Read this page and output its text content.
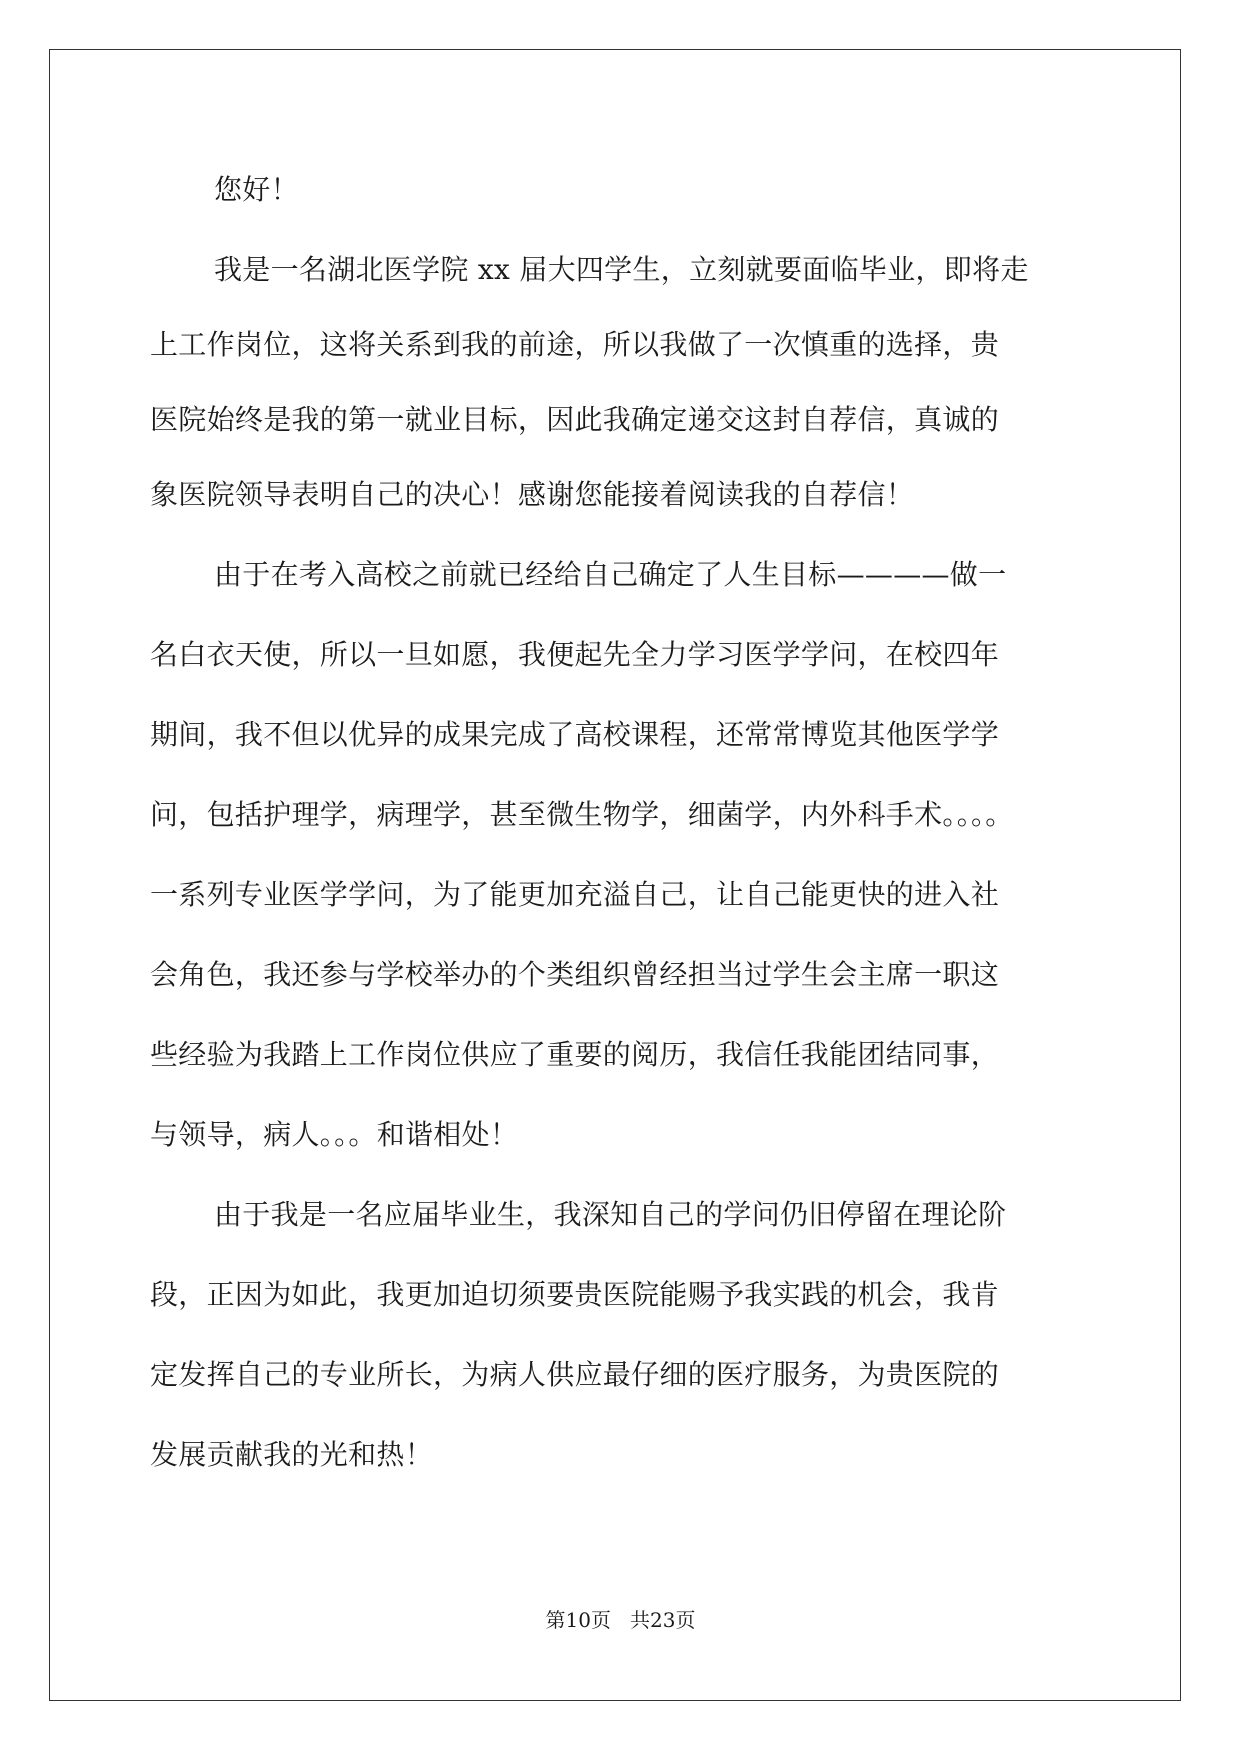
您好！
我是一名湖北医学院 xx 届大四学生，立刻就要面临毕业，即将走
上工作岗位，这将关系到我的前途，所以我做了一次慎重的选择，贵
医院始终是我的第一就业目标，因此我确定递交这封自荐信，真诚的
象医院领导表明自己的决心！感谢您能接着阅读我的自荐信！
由于在考入高校之前就已经给自己确定了人生目标————做一
名白衣天使，所以一旦如愿，我便起先全力学习医学学问，在校四年
期间，我不但以优异的成果完成了高校课程，还常常博览其他医学学
问，包括护理学，病理学，甚至微生物学，细菌学，内外科手术。。。。
一系列专业医学学问，为了能更加充溢自己，让自己能更快的进入社
会角色，我还参与学校举办的个类组织曾经担当过学生会主席一职这
些经验为我踏上工作岗位供应了重要的阅历，我信任我能团结同事，
与领导，病人。。。和谐相处！
由于我是一名应届毕业生，我深知自己的学问仍旧停留在理论阶
段，正因为如此，我更加迫切须要贵医院能赐予我实践的机会，我肯
定发挥自己的专业所长，为病人供应最仔细的医疗服务，为贵医院的
发展贡献我的光和热！
第10页 共23页
